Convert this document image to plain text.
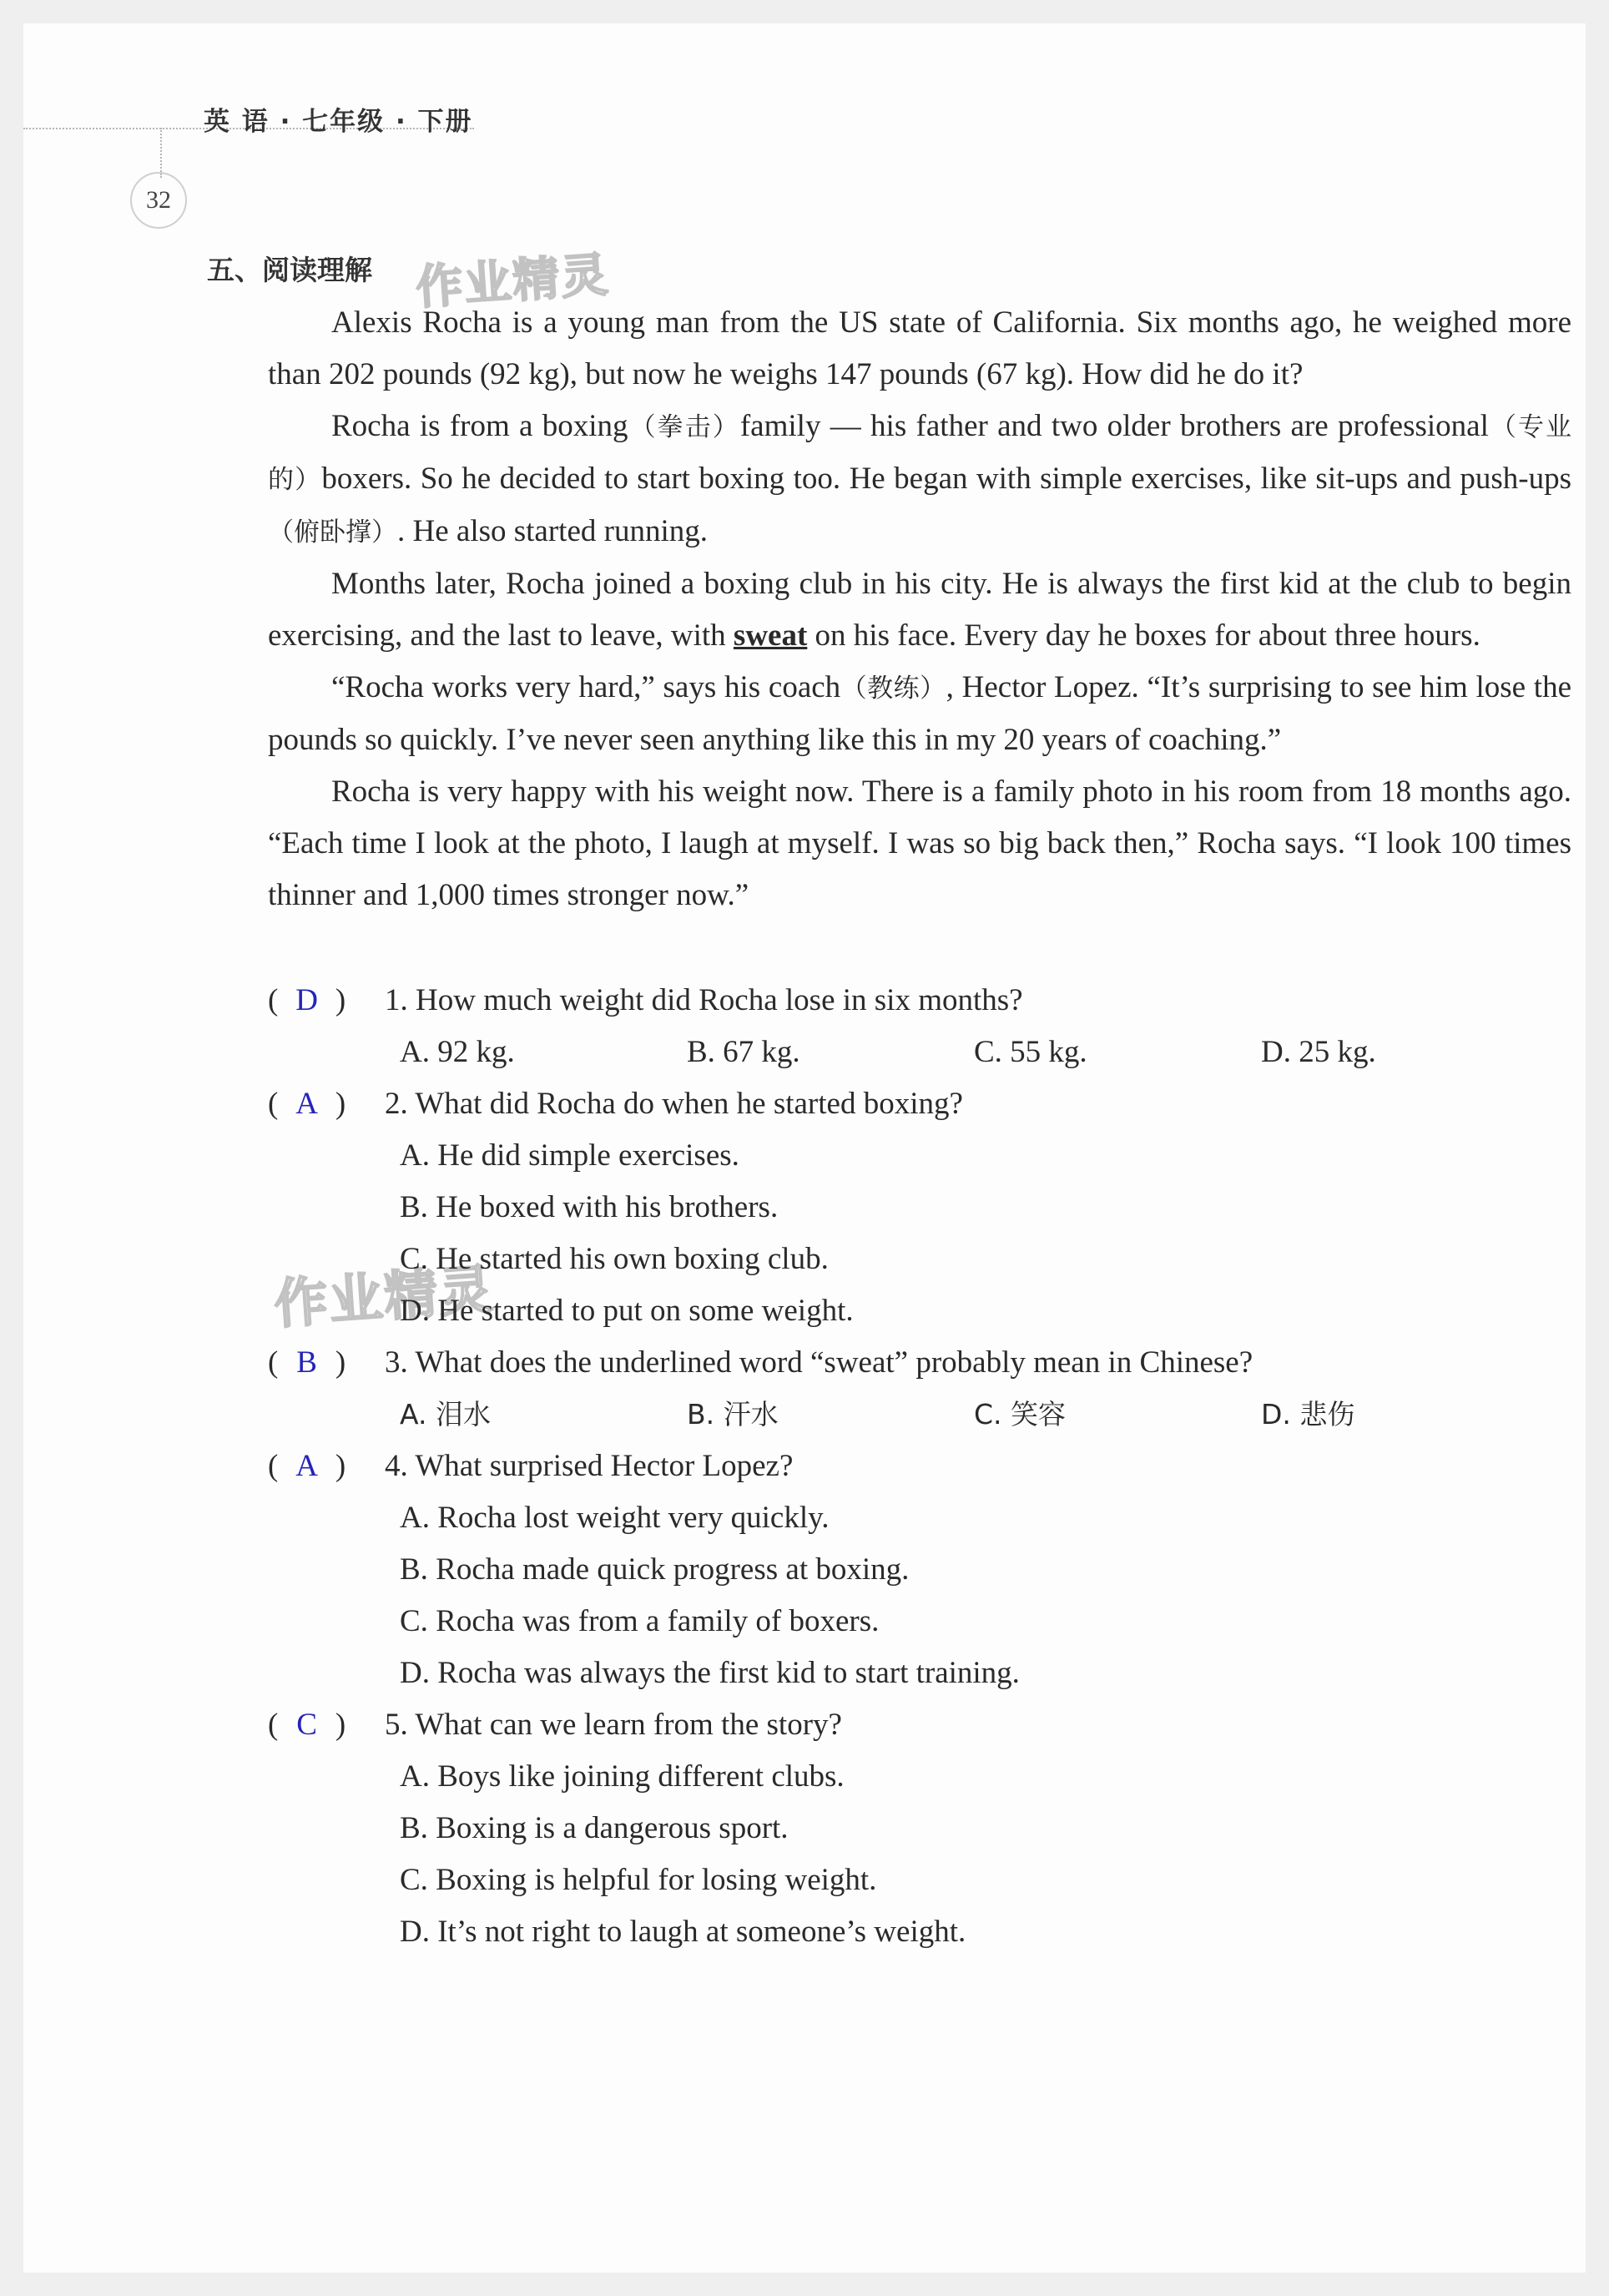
英 语 · 七年级 · 下册
32
五、阅读理解 作业精灵
作业精灵

Alexis Rocha is a young man from the US state of California. Six months ago, he weighed more than 202 pounds (92 kg), but now he weighs 147 pounds (67 kg). How did he do it?

Rocha is from a boxing（拳击）family — his father and two older brothers are professional（专业的）boxers. So he decided to start boxing too. He began with simple exercises, like sit-ups and push-ups（俯卧撑）. He also started running.

Months later, Rocha joined a boxing club in his city. He is always the first kid at the club to begin exercising, and the last to leave, with sweat on his face. Every day he boxes for about three hours.

“Rocha works very hard,” says his coach（教练）, Hector Lopez. “It’s surprising to see him lose the pounds so quickly. I’ve never seen anything like this in my 20 years of coaching.”

Rocha is very happy with his weight now. There is a family photo in his room from 18 months ago. “Each time I look at the photo, I laugh at myself. I was so big back then,” Rocha says. “I look 100 times thinner and 1,000 times stronger now.”

( D )	1. How much weight did Rocha lose in six months?
A. 92 kg.	B. 67 kg.	C. 55 kg.	D. 25 kg.
( A )	2. What did Rocha do when he started boxing?
A. He did simple exercises.
B. He boxed with his brothers.
C. He started his own boxing club.
D. He started to put on some weight.
( B )	3. What does the underlined word “sweat” probably mean in Chinese?
A. 泪水	B. 汗水	C. 笑容	D. 悲伤
( A )	4. What surprised Hector Lopez?
A. Rocha lost weight very quickly.
B. Rocha made quick progress at boxing.
C. Rocha was from a family of boxers.
D. Rocha was always the first kid to start training.
( C )	5. What can we learn from the story?
A. Boys like joining different clubs.
B. Boxing is a dangerous sport.
C. Boxing is helpful for losing weight.
D. It’s not right to laugh at someone’s weight.
